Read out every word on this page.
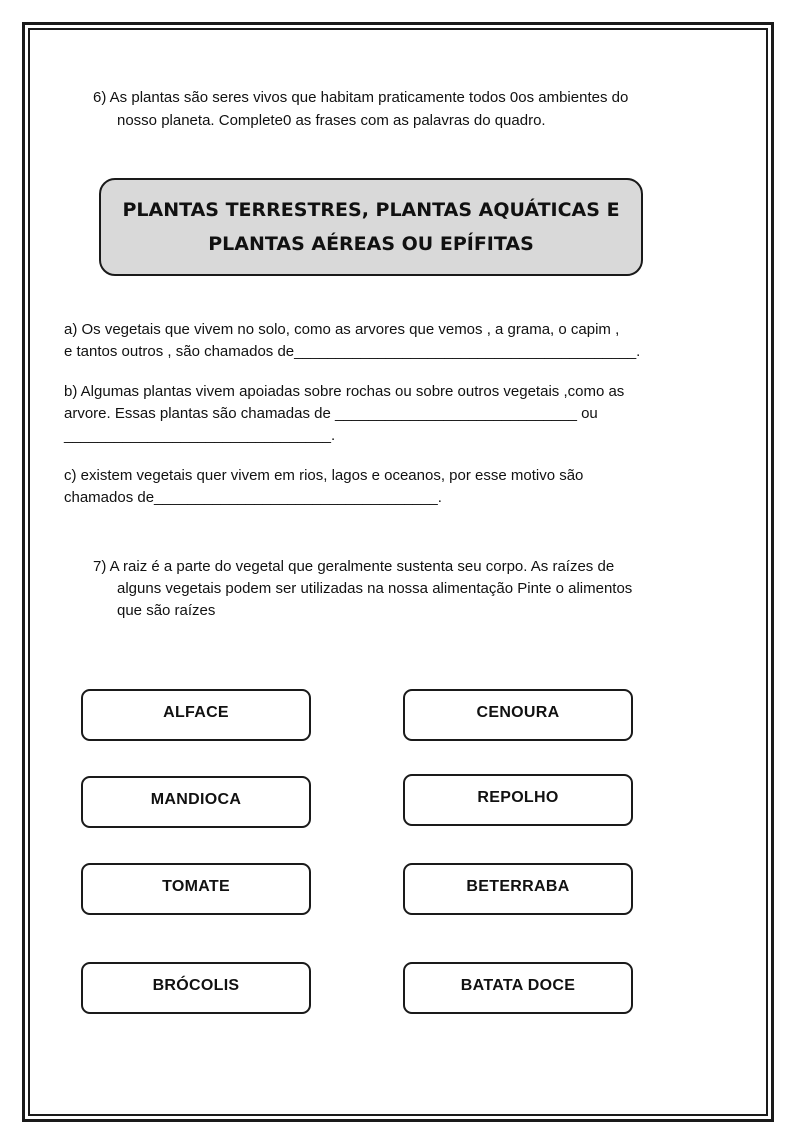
6) As plantas são seres vivos que habitam praticamente todos 0os ambientes do
nosso planeta. Complete0 as frases com as palavras do quadro.
PLANTAS TERRESTRES, PLANTAS AQUÁTICAS E
PLANTAS AÉREAS OU EPÍFITAS
a) Os vegetais que vivem no solo, como as arvores que vemos , a grama, o capim ,
e tantos outros , são chamados de_________________________________________.
b) Algumas plantas vivem apoiadas sobre rochas ou sobre outros vegetais ,como as
arvore. Essas plantas são chamadas de _____________________________ ou
________________________________.
c) existem vegetais quer vivem em rios, lagos e oceanos, por esse motivo são
chamados de__________________________________.
7) A raiz é a parte do vegetal que geralmente sustenta seu corpo. As raízes de
alguns vegetais podem ser utilizadas na nossa alimentação Pinte o alimentos
que são raízes
ALFACE	CENOURA
MANDIOCA	REPOLHO
TOMATE	BETERRABA
BRÓCOLIS	BATATA DOCE
